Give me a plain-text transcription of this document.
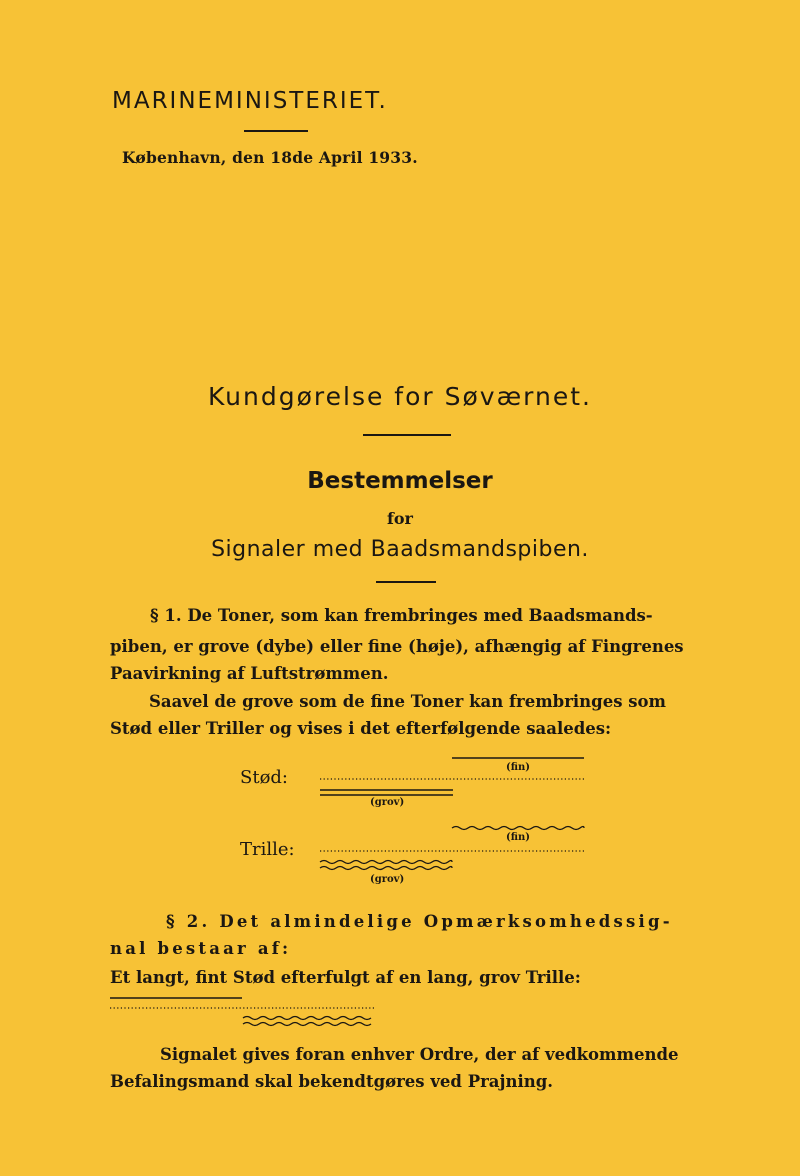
MARINEMINISTERIET.

København, den 18de April 1933.

Kundgørelse for Søværnet.

Bestemmelser

for

Signaler med Baadsmandspiben.

§ 1. De Toner, som kan frembringes med Baadsmands-

piben, er grove (dybe) eller fine (høje), afhængig af Fingrenes

Paavirkning af Luftstrømmen.

Saavel de grove som de fine Toner kan frembringes som

Stød eller Triller og vises i det efterfølgende saaledes:

Stød:	(fin)

(grov)

Trille:

(fin)

(grov)

§ 2. Det almindelige Opmærksomhedssig-

nal bestaar af:

Et langt, fint Stød efterfulgt af en lang, grov Trille:

Signalet gives foran enhver Ordre, der af vedkommende

Befalingsmand skal bekendtgøres ved Prajning.
